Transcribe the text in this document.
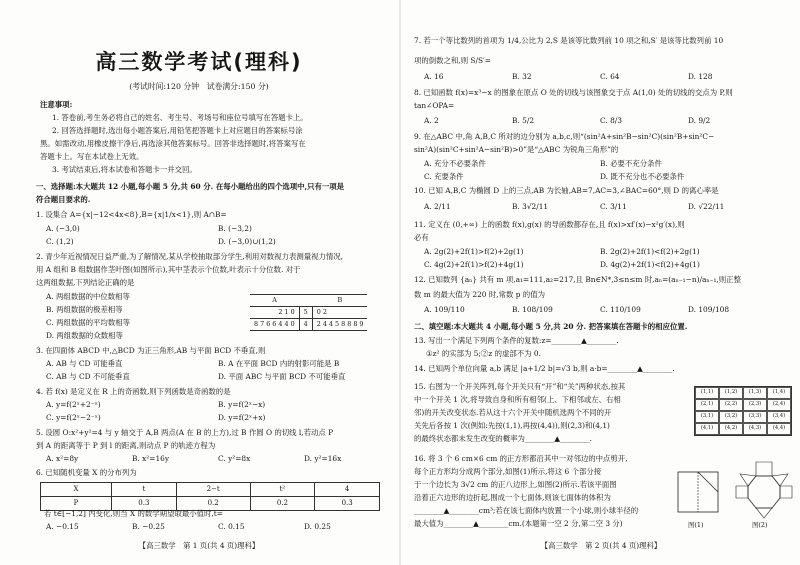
高三数学考试(理科)
(考试时间:120 分钟　试卷满分:150 分)
注意事项:
1. 答卷前,考生务必将自己的姓名、考生号、考场号和座位号填写在答题卡上。
2. 回答选择题时,选出每小题答案后,用铅笔把答题卡上对应题目的答案标号涂
黑。如需改动,用橡皮擦干净后,再选涂其他答案标号。回答非选择题时,将答案写在
答题卡上。写在本试卷上无效。
3. 考试结束后,将本试卷和答题卡一并交回。
一、选择题:本大题共 12 小题,每小题 5 分,共 60 分. 在每小题给出的四个选项中,只有一项是
符合题目要求的.
1. 设集合 A={x|−12<4x<8},B={x|1/x<1},则 A∩B=
A. (−3,0)	B. (−3,2)
C. (1,2)	D. (−3,0)∪(1,2)
2. 青少年近视情况日益严重,为了解情况,某从学校抽取部分学生,利用对数视力表测量视力情况,
用 A 组和 B 组数据作茎叶图(如图所示),其中茎表示个位数,叶表示十分位数. 对于
这两组数据,下列结论正确的是
A. 两组数据的中位数相等
B. 两组数据的极差相等
C. 两组数据的平均数相等
D. 两组数据的众数相等
A		B
2 1 0	5	0 2
8 7 6 6 4 4 0	4	2 4 4 5 8 8 8 9
3. 在四面体 ABCD 中,△BCD 为正三角形,AB 与平面 BCD 不垂直,则
A. AB 与 CD 可能垂直	B. A 在平面 BCD 内的射影可能是 B
C. AB 与 CD 不可能垂直	D. 平面 ABC 与平面 BCD 不可能垂直
4. 若 f(x) 是定义在 R 上的奇函数,则下列函数是奇函数的是
A. y=f(2ˣ+2⁻ˣ)	B. y=f(2ˣ−x)
C. y=f(2ˣ−2⁻ˣ)	D. y=f(2ˣ+x)
5. 设圆 O:x²+y²=4 与 y 轴交于 A,B 两点(A 在 B 的上方),过 B 作圆 O 的切线 l,若动点 P
到 A 的距离等于 P 到 l 的距离,则动点 P 的轨迹方程为
A. x²=8y	B. x²=16y	C. y²=8x	D. y²=16x
6. 已知随机变量 X 的分布列为
X	t	2−t	t²	4
P	0.3	0.2	0.2	0.3
若 t∈[−1,2] 内变化,则当 X 的数学期望取最小值时,t=
A. −0.15	B. −0.25	C. 0.15	D. 0.25
【高三数学　第 1 页(共 4 页)理科】
7. 若一个等比数列的首项为 1/4,公比为 2,S 是该等比数列前 10 项之和,S′ 是该等比数列前 10
项的倒数之和,则 S/S′=
A. 16	B. 32	C. 64	D. 128
8. 已知函数 f(x)=x³−x 的图象在原点 O 处的切线与该图象交于点 A(1,0) 处的切线的交点为 P,则
tan∠OPA=
A. 2	B. 5/2	C. 8/3	D. 9/2
9. 在△ABC 中,角 A,B,C 所对的边分别为 a,b,c,则“(sin²A+sin²B−sin²C)(sin²B+sin²C−
sin²A)(sin²C+sin²A−sin²B)>0”是“△ABC 为锐角三角形”的
A. 充分不必要条件	B. 必要不充分条件
C. 充要条件	D. 既不充分也不必要条件
10. 已知 A,B,C 为椭圆 D 上的三点,AB 为长轴,AB=7,AC=3,∠BAC=60°,则 D 的离心率是
A. 2/11	B. 3√2/11	C. 3/11	D. √22/11
11. 定义在 (0,+∞) 上的函数 f(x),g(x) 的导函数都存在,且 f(x)>xf′(x)−x²g′(x),则
必有
A. 2g(2)+2f(1)>f(2)+2g(1)	B. 2g(2)+2f(1)<f(2)+2g(1)
C. 4g(2)+2f(1)>f(2)+4g(1)	D. 4g(2)+2f(1)<f(2)+4g(1)
12. 已知数列 {aₙ} 共有 m 项,a₁=111,a₂=217,且 Bn∈N*,3≤n≤m 时,aₙ=(aₙ₋₁−n)/aₙ₋₁,则正整
数 m 的最大值为 220 时,常数 p 的值为
A. 109/110	B. 108/109	C. 110/109	D. 109/108
二、填空题:本大题共 4 小题,每小题 5 分,共 20 分. 把答案填在答题卡的相应位置.
13. 写出一个满足下列两个条件的复数:z=________▲________.
①z² 的实部为 5;②z 的虚部不为 0.
14. 已知两个单位向量 a,b 满足 |a+1/2 b|=√3 b,则 a·b=________▲________.
15. 右图为一个开关阵列,每个开关只有“开”和“关”两种状态,按其
中一个开关 1 次,将导致自身和所有相邻(上、下相邻或左、右相
邻)的开关改变状态.若从这十六个开关中随机选两个不同的开
关先后各按 1 次(例如:先按(1,1),再按(4,4)),则(2,3)和(4,1)
的最终状态都未发生改变的概率为________▲________.
(1,1)	(1,2)	(1,3)	(1,4)
(2,1)	(2,2)	(2,3)	(2,4)
(3,1)	(3,2)	(3,3)	(3,4)
(4,1)	(4,2)	(4,3)	(4,4)
16. 将 3 个 6 cm×6 cm 的正方形都沿其中一对邻边的中点剪开,
每个正方形均分成两个部分,如图(1)所示,将这 6 个部分接
于一个边长为 3√2 cm 的正八边形上,如图(2)所示.若该平面图
沿着正六边形的边折起,围成一个七面体,则该七面体的体积为
________▲________cm³;若在该七面体内放置一个小球,则小球半径的
最大值为________▲________cm.(本题第一空 2 分,第二空 3 分)	图(1)	图(2)
【高三数学　第 2 页(共 4 页)理科】
